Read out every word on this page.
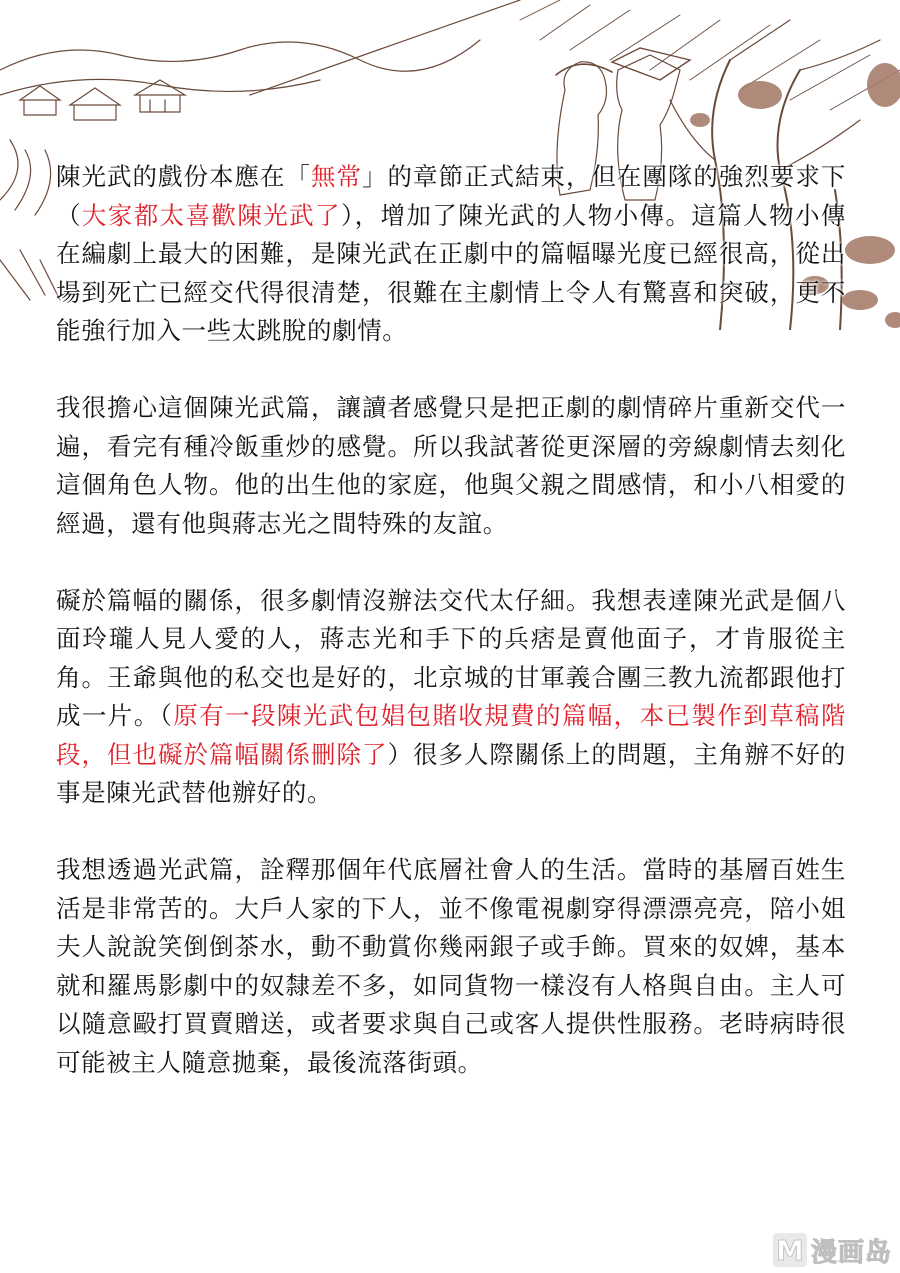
陳光武的戲份本應在「無常」的章節正式結束，但在團隊的強烈要求下（大家都太喜歡陳光武了），增加了陳光武的人物小傳。這篇人物小傳在編劇上最大的困難，是陳光武在正劇中的篇幅曝光度已經很高，從出場到死亡已經交代得很清楚，很難在主劇情上令人有驚喜和突破，更不能強行加入一些太跳脫的劇情。

我很擔心這個陳光武篇，讓讀者感覺只是把正劇的劇情碎片重新交代一遍，看完有種冷飯重炒的感覺。所以我試著從更深層的旁線劇情去刻化這個角色人物。他的出生他的家庭，他與父親之間感情，和小八相愛的經過，還有他與蔣志光之間特殊的友誼。

礙於篇幅的關係，很多劇情沒辦法交代太仔細。我想表達陳光武是個八面玲瓏人見人愛的人，蔣志光和手下的兵痞是賣他面子，才肯服從主角。王爺與他的私交也是好的，北京城的甘軍義合團三教九流都跟他打成一片。（原有一段陳光武包娼包賭收規費的篇幅，本已製作到草稿階段，但也礙於篇幅關係刪除了）很多人際關係上的問題，主角辦不好的事是陳光武替他辦好的。

我想透過光武篇，詮釋那個年代底層社會人的生活。當時的基層百姓生活是非常苦的。大戶人家的下人，並不像電視劇穿得漂漂亮亮，陪小姐夫人說說笑倒倒茶水，動不動賞你幾兩銀子或手飾。買來的奴婢，基本就和羅馬影劇中的奴隸差不多，如同貨物一樣沒有人格與自由。主人可以隨意毆打買賣贈送，或者要求與自己或客人提供性服務。老時病時很可能被主人隨意拋棄，最後流落街頭。

M 漫画岛
